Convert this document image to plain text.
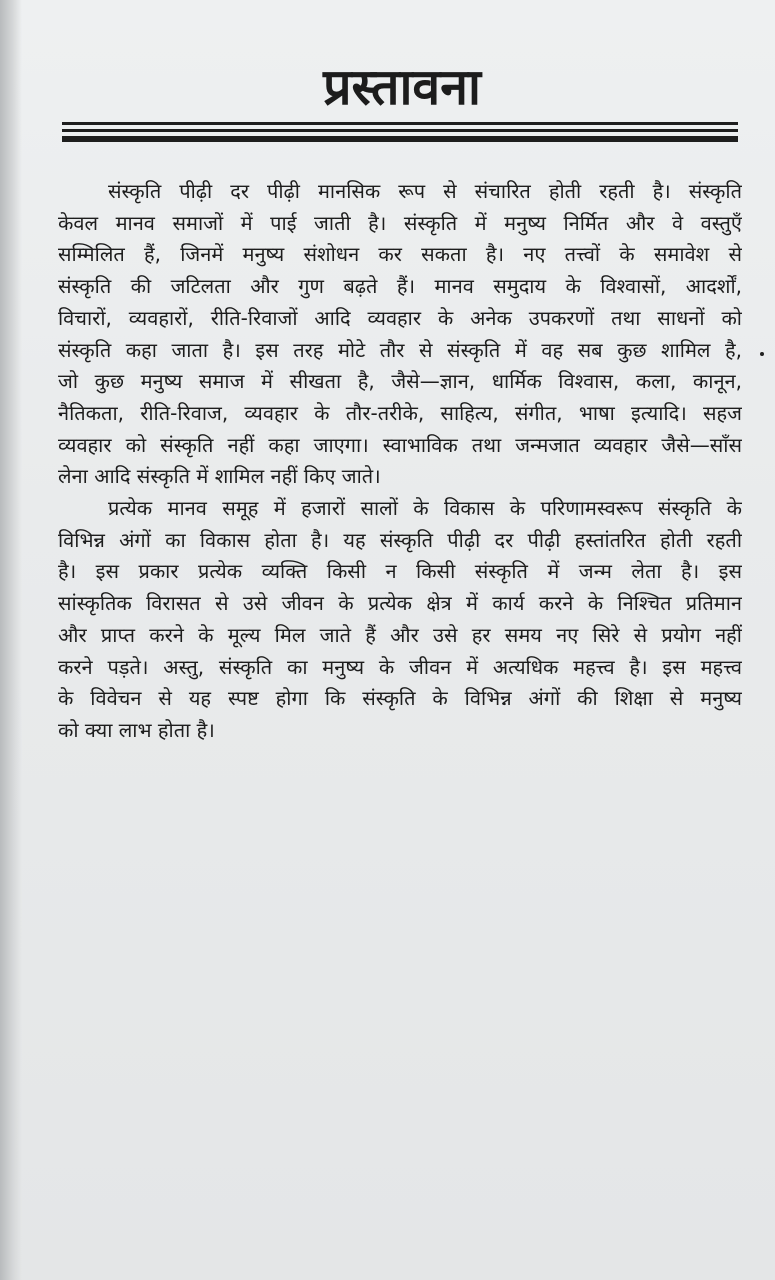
प्रस्तावना
संस्कृति पीढ़ी दर पीढ़ी मानसिक रूप से संचारित होती रहती है। संस्कृति
केवल मानव समाजों में पाई जाती है। संस्कृति में मनुष्य निर्मित और वे वस्तुएँ
सम्मिलित हैं, जिनमें मनुष्य संशोधन कर सकता है। नए तत्त्वों के समावेश से
संस्कृति की जटिलता और गुण बढ़ते हैं। मानव समुदाय के विश्वासों, आदर्शों,
विचारों, व्यवहारों, रीति-रिवाजों आदि व्यवहार के अनेक उपकरणों तथा साधनों को
संस्कृति कहा जाता है। इस तरह मोटे तौर से संस्कृति में वह सब कुछ शामिल है,
जो कुछ मनुष्य समाज में सीखता है, जैसे—ज्ञान, धार्मिक विश्वास, कला, कानून,
नैतिकता, रीति-रिवाज, व्यवहार के तौर-तरीके, साहित्य, संगीत, भाषा इत्यादि। सहज
व्यवहार को संस्कृति नहीं कहा जाएगा। स्वाभाविक तथा जन्मजात व्यवहार जैसे—साँस
लेना आदि संस्कृति में शामिल नहीं किए जाते।
प्रत्येक मानव समूह में हजारों सालों के विकास के परिणामस्वरूप संस्कृति के
विभिन्न अंगों का विकास होता है। यह संस्कृति पीढ़ी दर पीढ़ी हस्तांतरित होती रहती
है। इस प्रकार प्रत्येक व्यक्ति किसी न किसी संस्कृति में जन्म लेता है। इस
सांस्कृतिक विरासत से उसे जीवन के प्रत्येक क्षेत्र में कार्य करने के निश्चित प्रतिमान
और प्राप्त करने के मूल्य मिल जाते हैं और उसे हर समय नए सिरे से प्रयोग नहीं
करने पड़ते। अस्तु, संस्कृति का मनुष्य के जीवन में अत्यधिक महत्त्व है। इस महत्त्व
के विवेचन से यह स्पष्ट होगा कि संस्कृति के विभिन्न अंगों की शिक्षा से मनुष्य
को क्या लाभ होता है।
